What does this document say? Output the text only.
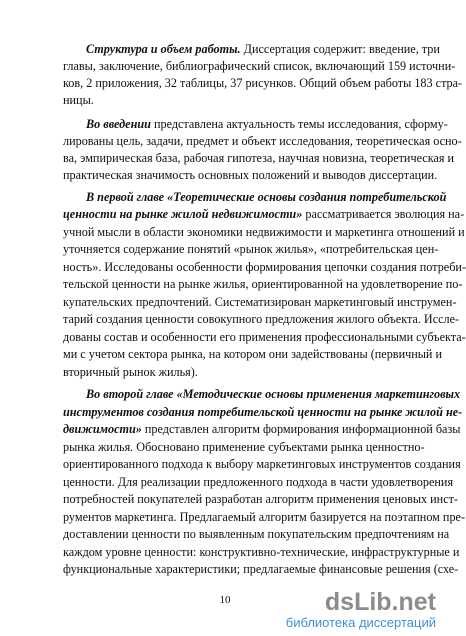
Структура и объем работы. Диссертация содержит: введение, три
главы, заключение, библиографический список, включающий 159 источни-
ков, 2 приложения, 32 таблицы, 37 рисунков. Общий объем работы 183 стра-
ницы.
Во введении представлена актуальность темы исследования, сформу-
лированы цель, задачи, предмет и объект исследования, теоретическая осно-
ва, эмпирическая база, рабочая гипотеза, научная новизна, теоретическая и
практическая значимость основных положений и выводов диссертации.
В первой главе «Теоретические основы создания потребительской
ценности на рынке жилой недвижимости» рассматривается эволюция на-
учной мысли в области экономики недвижимости и маркетинга отношений и
уточняется содержание понятий «рынок жилья», «потребительская цен-
ность». Исследованы особенности формирования цепочки создания потреби-
тельской ценности на рынке жилья, ориентированной на удовлетворение по-
купательских предпочтений. Систематизирован маркетинговый инструмен-
тарий создания ценности совокупного предложения жилого объекта. Иссле-
дованы состав и особенности его применения профессиональными субъекта-
ми с учетом сектора рынка, на котором они задействованы (первичный и
вторичный рынок жилья).
Во второй главе «Методические основы применения маркетинговых
инструментов создания потребительской ценности на рынке жилой не-
движимости» представлен алгоритм формирования информационной базы
рынка жилья. Обосновано применение субъектами рынка ценностно-
ориентированного подхода к выбору маркетинговых инструментов создания
ценности. Для реализации предложенного подхода в части удовлетворения
потребностей покупателей разработан алгоритм применения ценовых инст-
рументов маркетинга. Предлагаемый алгоритм базируется на поэтапном пре-
доставлении ценности по выявленным покупательским предпочтениям на
каждом уровне ценности: конструктивно-технические, инфраструктурные и
функциональные характеристики; предлагаемые финансовые решения (схе-
10	dsLib.net
библиотека диссертаций
